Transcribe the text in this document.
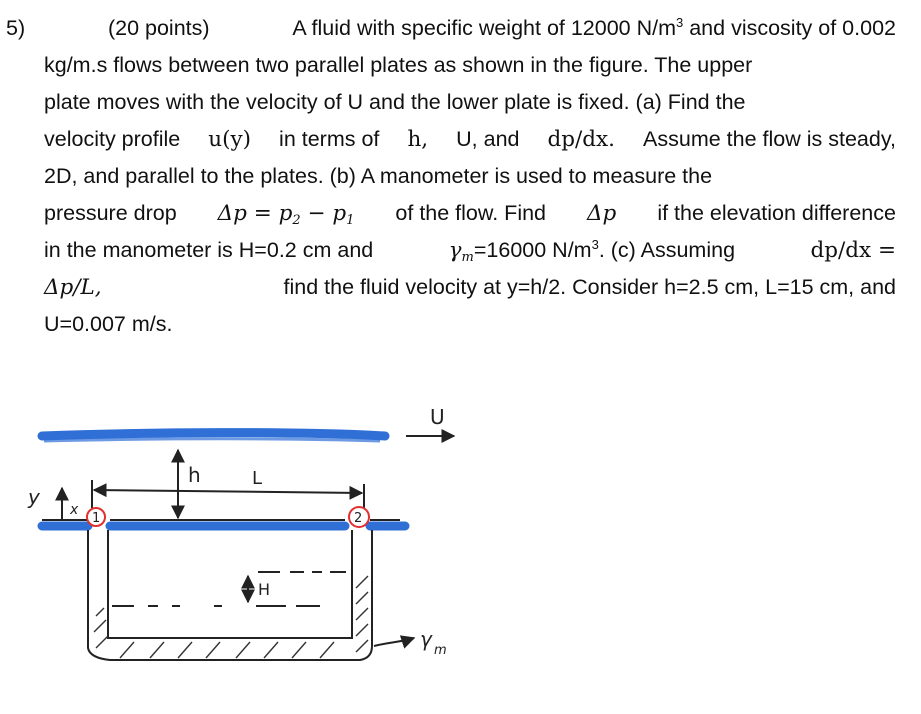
5)	(20 points)	A fluid with specific weight of 12000 $N/m^3$ and viscosity of 0.002
kg/m.s flows between two parallel plates as shown in the figure. The upper
plate moves with the velocity of U and the lower plate is fixed. (a) Find the
velocity profile u(y) in terms of h, U, and dp/dx. Assume the flow is steady,
2D, and parallel to the plates. (b) A manometer is used to measure the
pressure drop $\Delta p = p_2 - p_1$ of the flow. Find Δp if the elevation difference
in the manometer is H=0.2 cm and	$\gamma_m=16000$ $N/m^3$. (c) Assuming	dp/dx =
Δp/L,	find the fluid velocity at y=h/2. Consider h=2.5 cm, L=15 cm, and
U=0.007 m/s.
U
h	L
y
x
1	2
H
γ m
